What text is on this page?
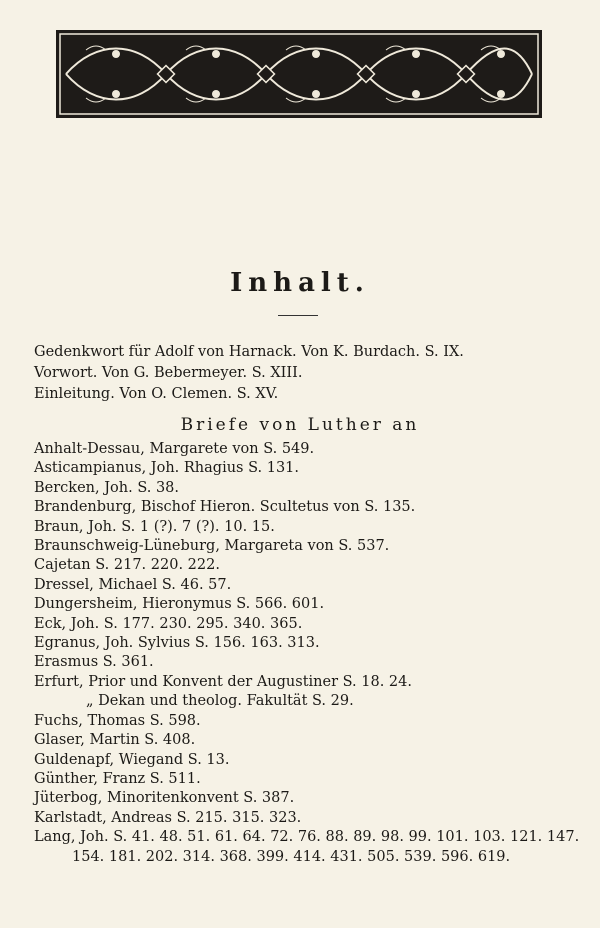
Inhalt.
Gedenkwort für Adolf von Harnack. Von K. Burdach. S. IX.
Vorwort. Von G. Bebermeyer. S. XIII.
Einleitung. Von O. Clemen. S. XV.
Briefe von Luther an
Anhalt-Dessau, Margarete von S. 549.
Asticampianus, Joh. Rhagius S. 131.
Bercken, Joh. S. 38.
Brandenburg, Bischof Hieron. Scultetus von S. 135.
Braun, Joh. S. 1 (?). 7 (?). 10. 15.
Braunschweig-Lüneburg, Margareta von S. 537.
Cajetan S. 217. 220. 222.
Dressel, Michael S. 46. 57.
Dungersheim, Hieronymus S. 566. 601.
Eck, Joh. S. 177. 230. 295. 340. 365.
Egranus, Joh. Sylvius S. 156. 163. 313.
Erasmus S. 361.
Erfurt, Prior und Konvent der Augustiner S. 18. 24.
„ Dekan und theolog. Fakultät S. 29.
Fuchs, Thomas S. 598.
Glaser, Martin S. 408.
Guldenapf, Wiegand S. 13.
Günther, Franz S. 511.
Jüterbog, Minoritenkonvent S. 387.
Karlstadt, Andreas S. 215. 315. 323.
Lang, Joh. S. 41. 48. 51. 61. 64. 72. 76. 88. 89. 98. 99. 101. 103. 121. 147.
154. 181. 202. 314. 368. 399. 414. 431. 505. 539. 596. 619.
